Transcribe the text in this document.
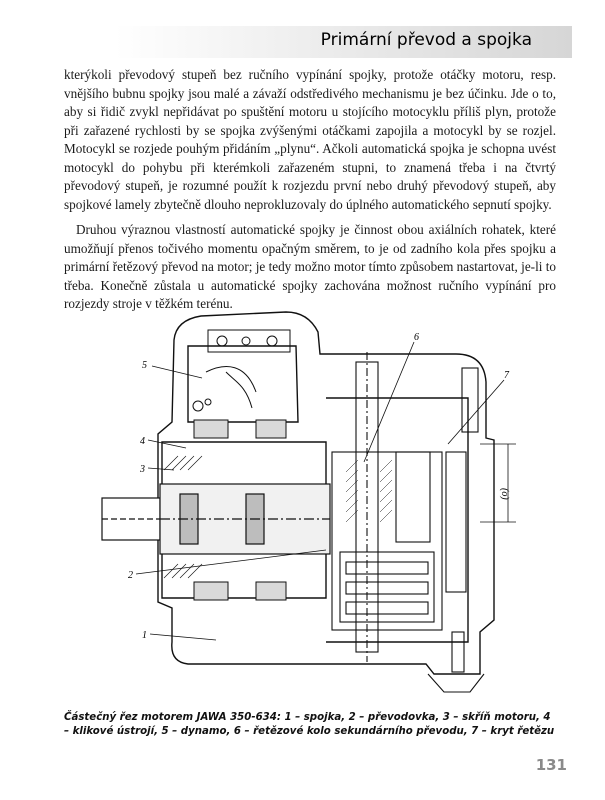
Primární převod a spojka

kterýkoli převodový stupeň bez ručního vypínání spojky, protože otáčky motoru, resp. vnějšího bubnu spojky jsou malé a závaží odstředivého mechanismu je bez účinku. Jde o to, aby si řidič zvykl nepřidávat po spuštění motoru u stojícího motocyklu příliš plyn, protože při zařazené rychlosti by se spojka zvýšenými otáčkami zapojila a motocykl by se rozjel. Motocykl se rozjede pouhým přidáním „plynu“. Ačkoli automatická spojka je schopna uvést motocykl do pohybu při kterémkoli zařazeném stupni, to znamená třeba i na čtvrtý převodový stupeň, je rozumné použít k rozjezdu první nebo druhý převodový stupeň, aby spojkové lamely zbytečně dlouho neprokluzovaly do úplného automatického sepnutí spojky.

Druhou výraznou vlastností automatické spojky je činnost obou axiálních rohatek, které umožňují přenos točivého momentu opačným směrem, to je od zadního kola přes spojku a primární řetězový převod na motor; je tedy možno motor tímto způsobem nastartovat, je-li to třeba. Konečně zůstala u automatické spojky zachována možnost ručního vypínání pro rozjezdy stroje v těžkém terénu.

(o)
1
2
3
4
5
6
7
Částečný řez motorem JAWA 350-634: 1 – spojka, 2 – převodovka, 3 – skříň motoru, 4 – klikové ústrojí, 5 – dynamo, 6 – řetězové kolo sekundárního převodu, 7 – kryt řetězu
131
